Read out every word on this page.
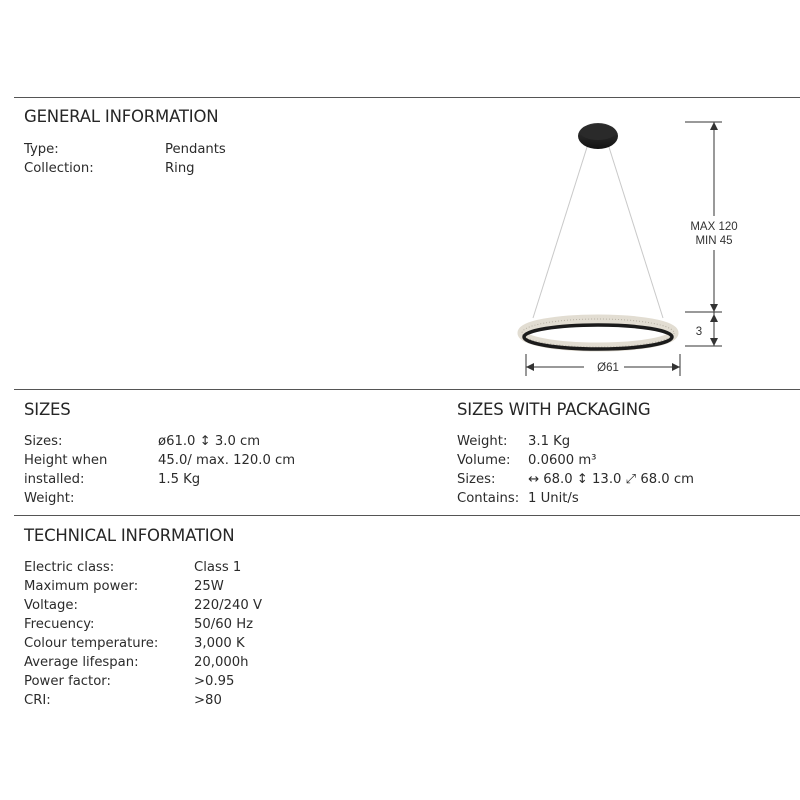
GENERAL INFORMATION
Type:	Pendants
Collection:	Ring
MAX 120
MIN 45
3
Ø61
SIZES
Sizes:
Height when
installed:
Weight:
ø61.0 ↕ 3.0 cm
45.0/ max. 120.0 cm
1.5 Kg
SIZES WITH PACKAGING
Weight: 3.1 Kg
Volume: 0.0600 m³
Sizes: ↔ 68.0 ↕ 13.0 ⤢ 68.0 cm
Contains: 1 Unit/s
TECHNICAL INFORMATION
Electric class:
Maximum power:
Voltage:
Frecuency:
Colour temperature:
Average lifespan:
Power factor:
CRI:
Class 1
25W
220/240 V
50/60 Hz
3,000 K
20,000h
>0.95
>80
